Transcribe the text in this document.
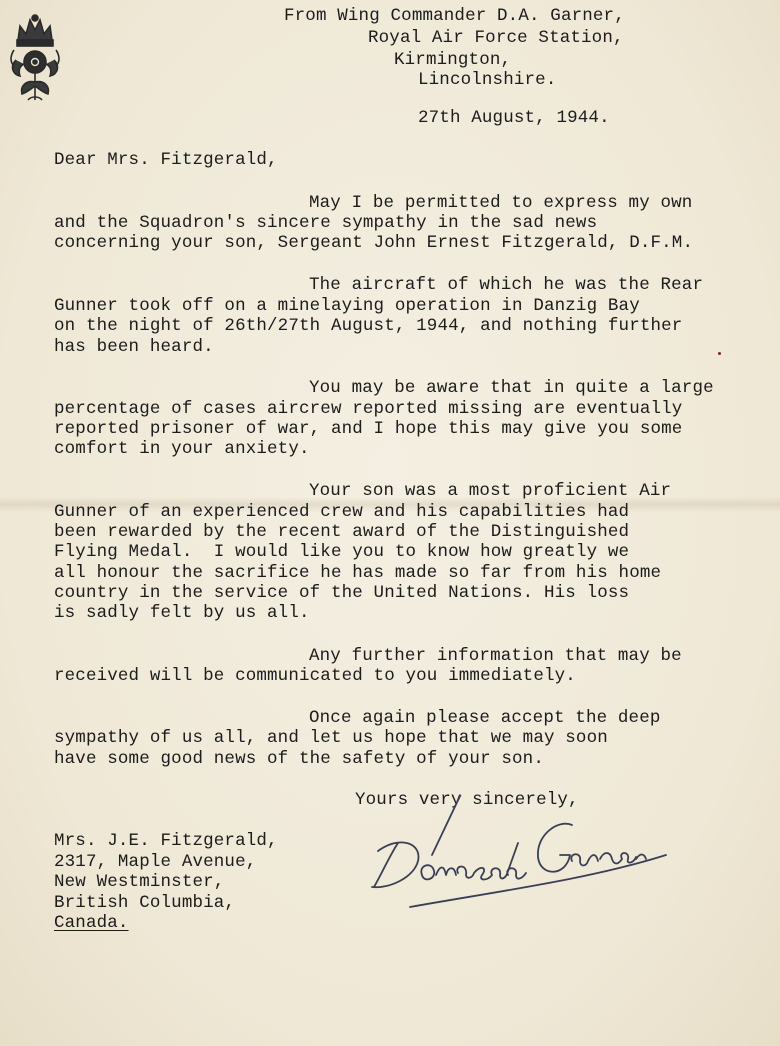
From Wing Commander D.A. Garner,
Royal Air Force Station,
Kirmington,
Lincolnshire.
27th August, 1944.
Dear Mrs. Fitzgerald,
May I be permitted to express my own
and the Squadron's sincere sympathy in the sad news
concerning your son, Sergeant John Ernest Fitzgerald, D.F.M.
The aircraft of which he was the Rear
Gunner took off on a minelaying operation in Danzig Bay
on the night of 26th/27th August, 1944, and nothing further
has been heard.
You may be aware that in quite a large
percentage of cases aircrew reported missing are eventually
reported prisoner of war, and I hope this may give you some
comfort in your anxiety.
Your son was a most proficient Air
Gunner of an experienced crew and his capabilities had
been rewarded by the recent award of the Distinguished
Flying Medal.  I would like you to know how greatly we
all honour the sacrifice he has made so far from his home
country in the service of the United Nations. His loss
is sadly felt by us all.
Any further information that may be
received will be communicated to you immediately.
Once again please accept the deep
sympathy of us all, and let us hope that we may soon
have some good news of the safety of your son.
Yours very sincerely,
Mrs. J.E. Fitzgerald,
2317, Maple Avenue,
New Westminster,
British Columbia,
Canada.
